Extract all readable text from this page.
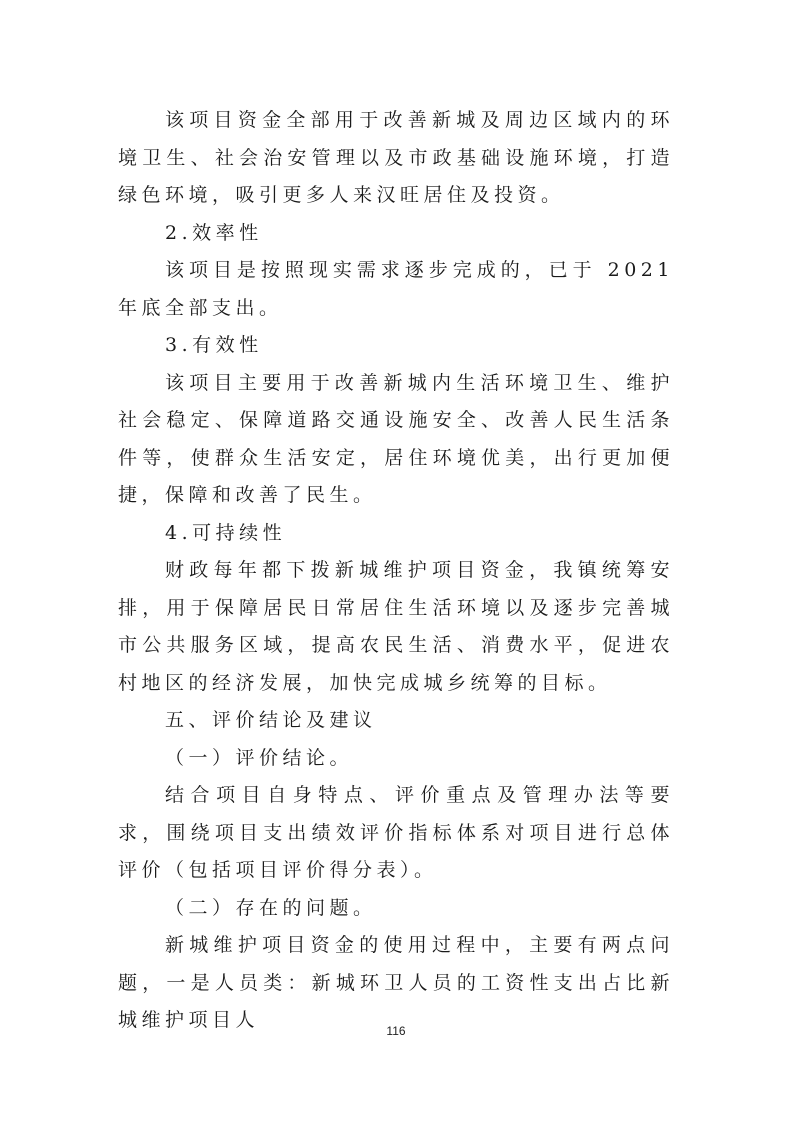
该项目资金全部用于改善新城及周边区域内的环境卫生、社会治安管理以及市政基础设施环境，打造绿色环境，吸引更多人来汉旺居住及投资。

2.效率性

该项目是按照现实需求逐步完成的，已于 2021 年底全部支出。

3.有效性

该项目主要用于改善新城内生活环境卫生、维护社会稳定、保障道路交通设施安全、改善人民生活条件等，使群众生活安定，居住环境优美，出行更加便捷，保障和改善了民生。

4.可持续性

财政每年都下拨新城维护项目资金，我镇统筹安排，用于保障居民日常居住生活环境以及逐步完善城市公共服务区域，提高农民生活、消费水平，促进农村地区的经济发展，加快完成城乡统筹的目标。

五、评价结论及建议

（一）评价结论。

结合项目自身特点、评价重点及管理办法等要求，围绕项目支出绩效评价指标体系对项目进行总体评价（包括项目评价得分表）。

（二）存在的问题。

新城维护项目资金的使用过程中，主要有两点问题，一是人员类：新城环卫人员的工资性支出占比新城维护项目人	116
